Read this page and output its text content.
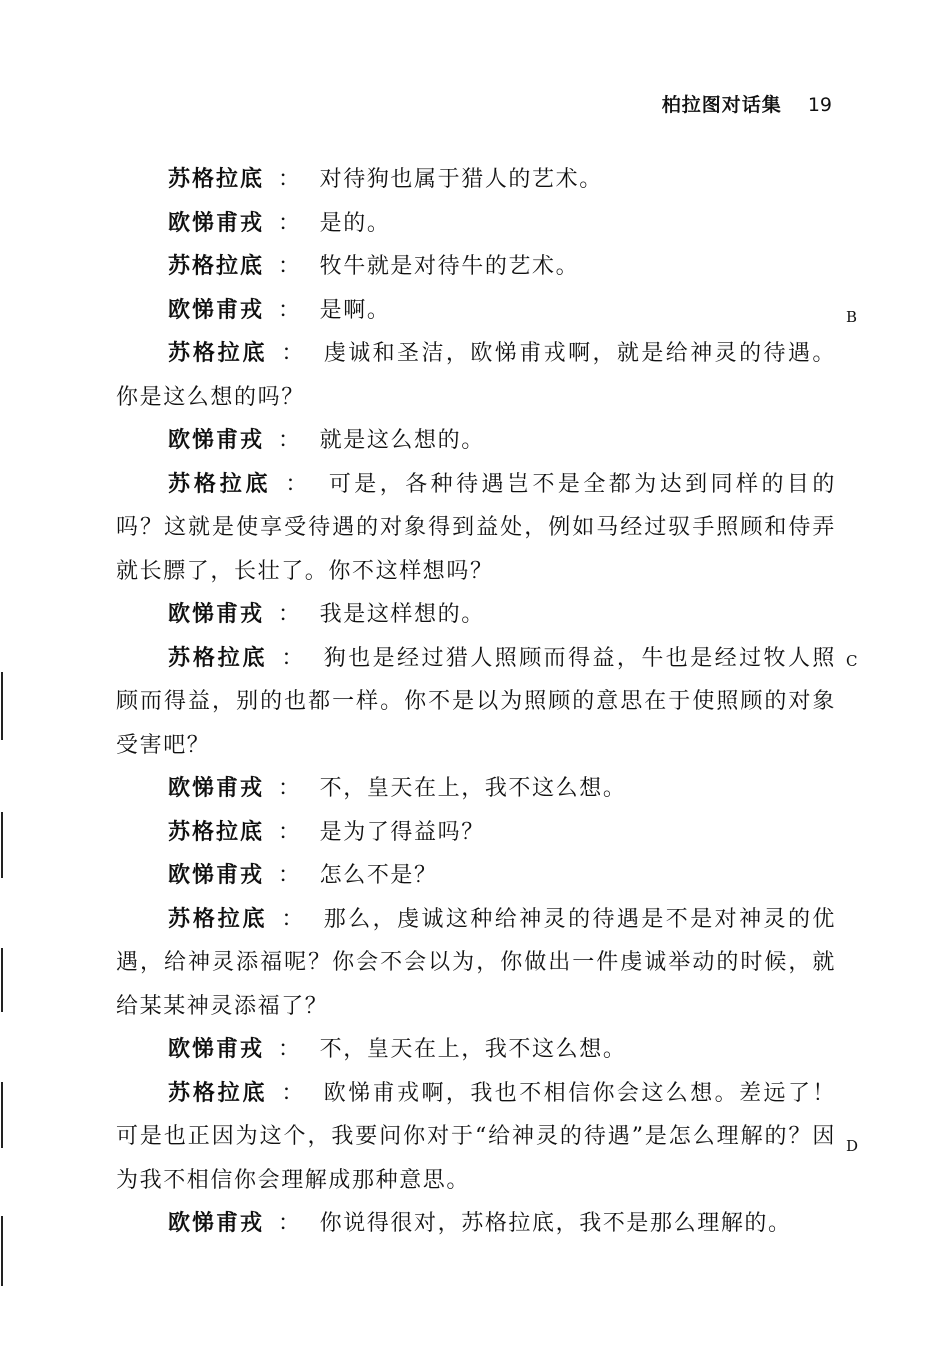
柏拉图对话集 19

苏格拉底 ： 对待狗也属于猎人的艺术。

欧悌甫戎 ： 是的。

苏格拉底 ： 牧牛就是对待牛的艺术。

欧悌甫戎 ： 是啊。

苏格拉底 ： 虔诚和圣洁，欧悌甫戎啊，就是给神灵的待遇。你是这么想的吗？

欧悌甫戎 ： 就是这么想的。

苏格拉底 ： 可是，各种待遇岂不是全都为达到同样的目的吗？这就是使享受待遇的对象得到益处，例如马经过驭手照顾和侍弄就长膘了，长壮了。你不这样想吗？

欧悌甫戎 ： 我是这样想的。

苏格拉底 ： 狗也是经过猎人照顾而得益，牛也是经过牧人照顾而得益，别的也都一样。你不是以为照顾的意思在于使照顾的对象受害吧？

欧悌甫戎 ： 不，皇天在上，我不这么想。

苏格拉底 ： 是为了得益吗？

欧悌甫戎 ： 怎么不是？

苏格拉底 ： 那么，虔诚这种给神灵的待遇是不是对神灵的优遇，给神灵添福呢？你会不会以为，你做出一件虔诚举动的时候，就给某某神灵添福了？

欧悌甫戎 ： 不，皇天在上，我不这么想。

苏格拉底 ： 欧悌甫戎啊，我也不相信你会这么想。差远了！可是也正因为这个，我要问你对于“给神灵的待遇”是怎么理解的？因为我不相信你会理解成那种意思。

欧悌甫戎 ： 你说得很对，苏格拉底，我不是那么理解的。

B
C
D
